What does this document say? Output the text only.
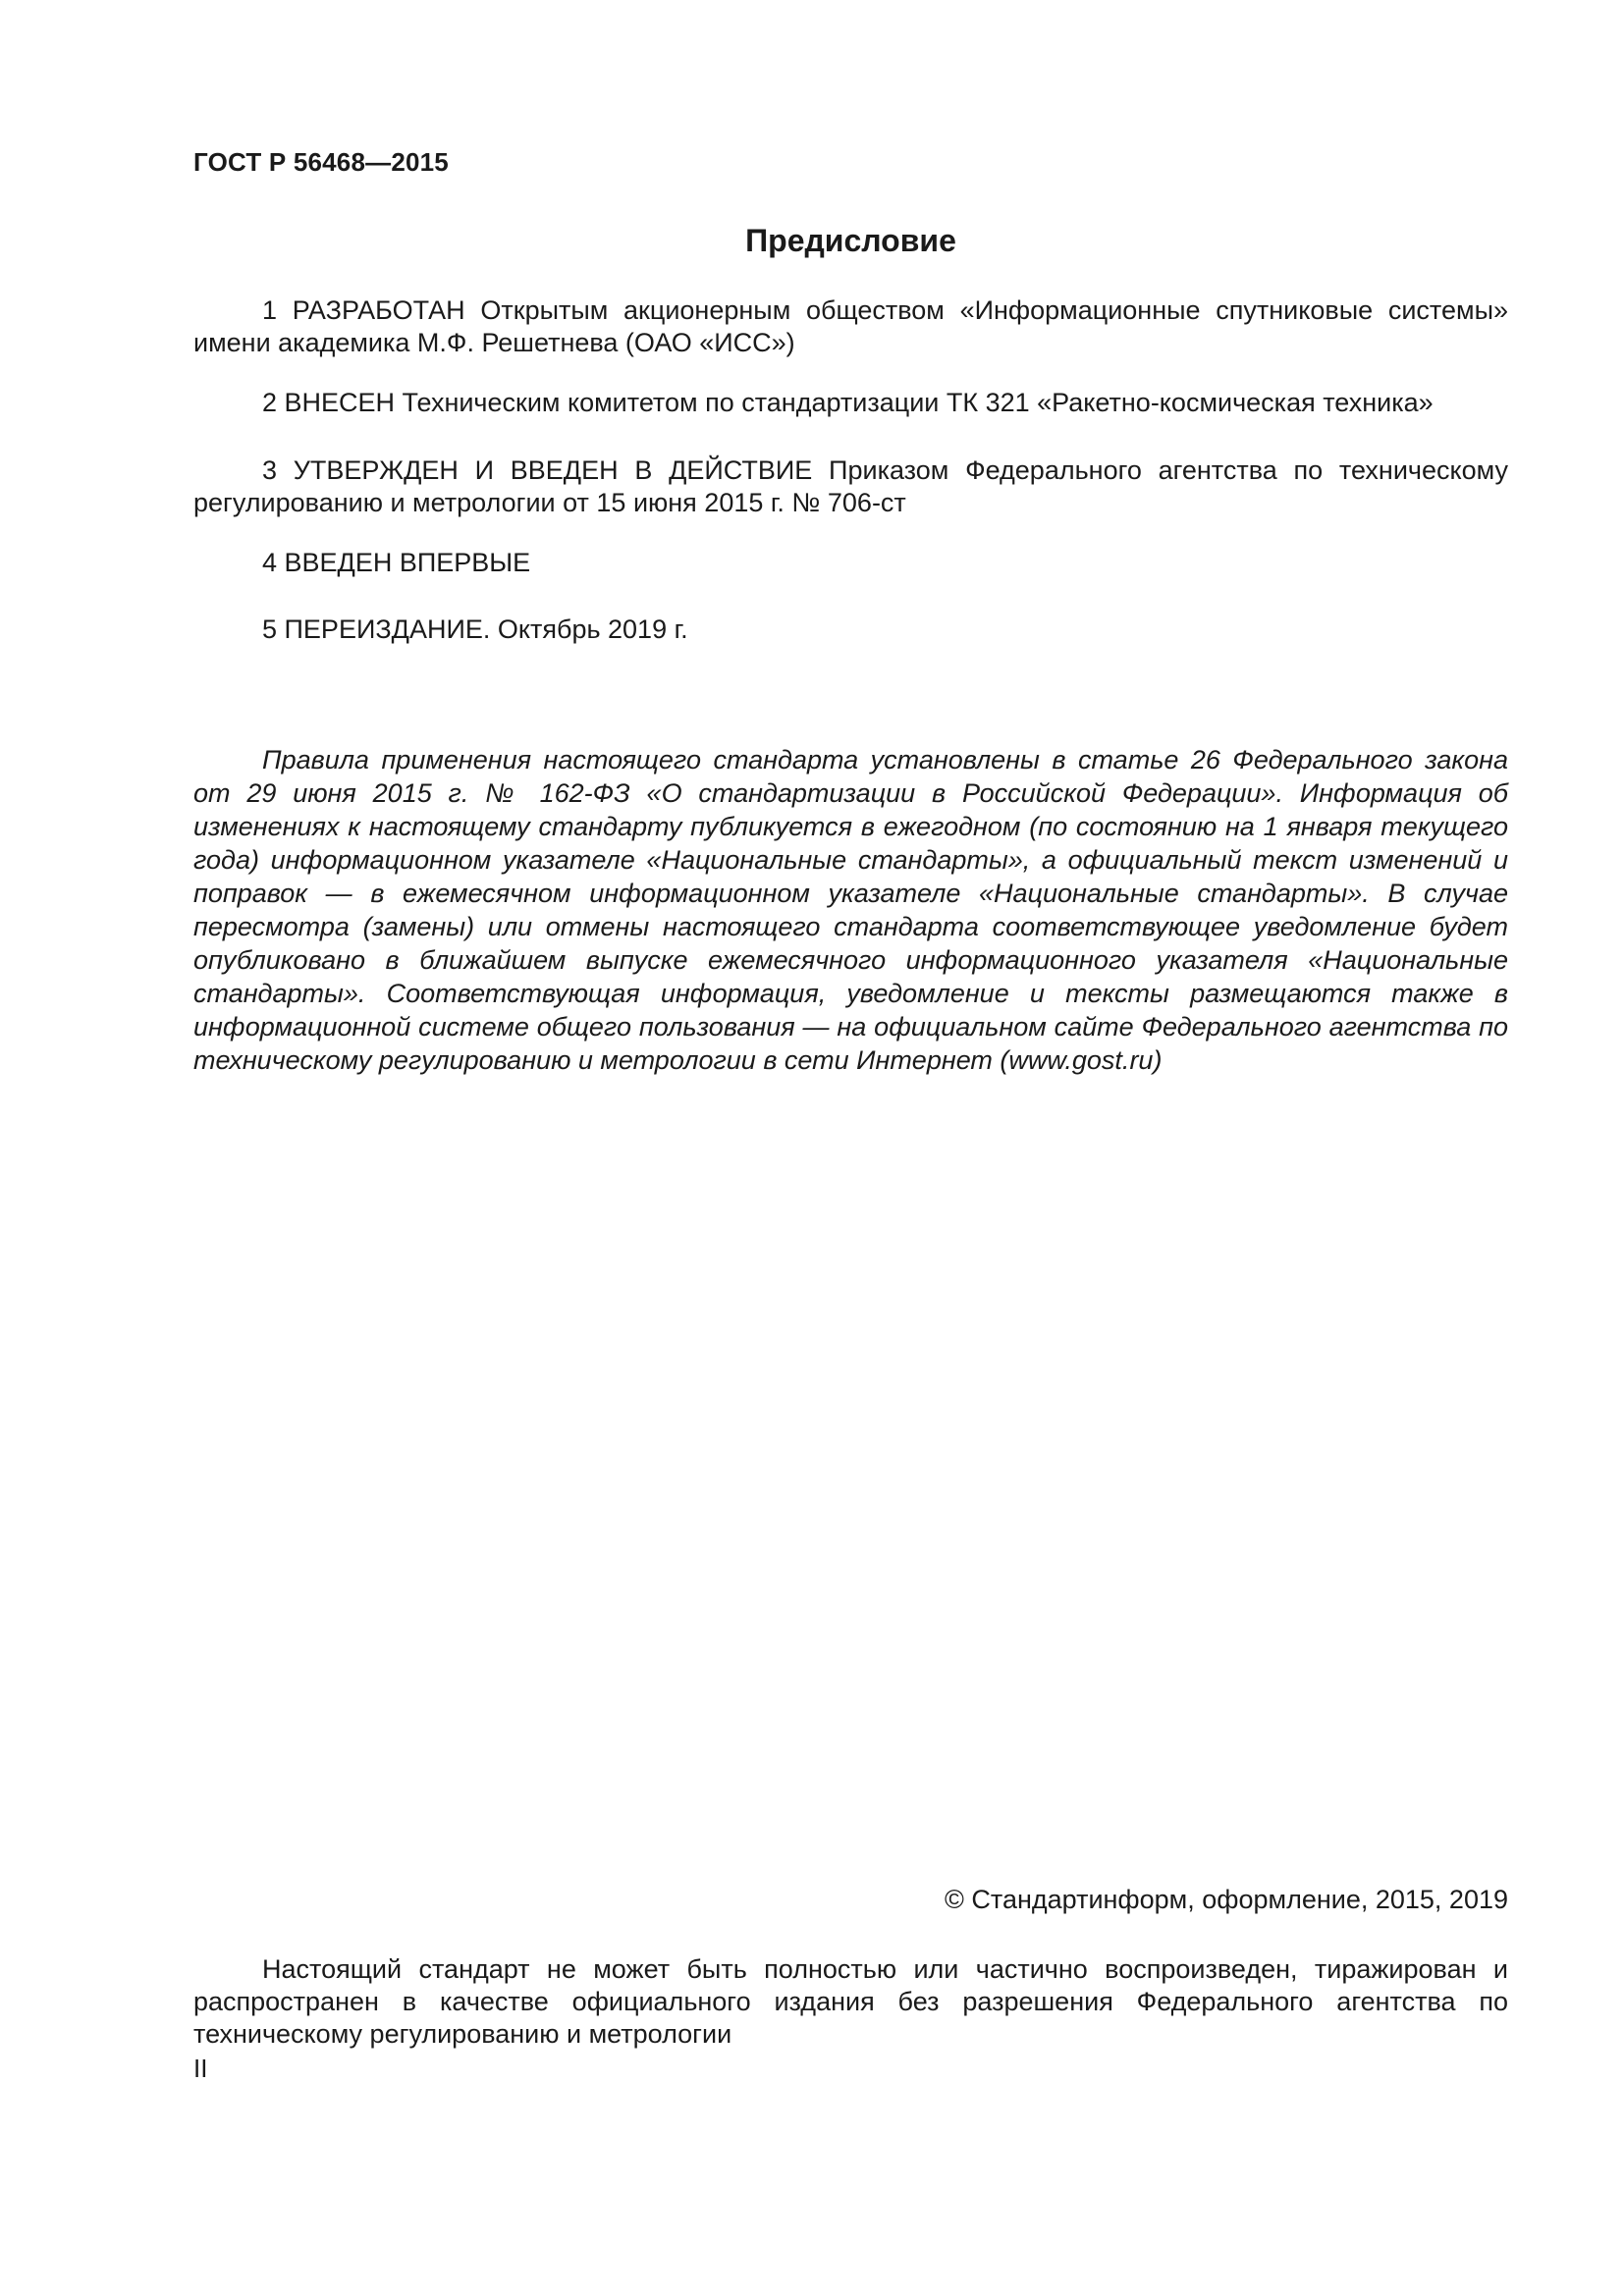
ГОСТ Р 56468—2015

Предисловие

1 РАЗРАБОТАН Открытым акционерным обществом «Информационные спутниковые системы» имени академика М.Ф. Решетнева (ОАО «ИСС»)

2 ВНЕСЕН Техническим комитетом по стандартизации ТК 321 «Ракетно-космическая техника»

3 УТВЕРЖДЕН И ВВЕДЕН В ДЕЙСТВИЕ Приказом Федерального агентства по техническому регулированию и метрологии от 15 июня 2015 г. № 706-ст

4 ВВЕДЕН ВПЕРВЫЕ

5 ПЕРЕИЗДАНИЕ. Октябрь 2019 г.

Правила применения настоящего стандарта установлены в статье 26 Федерального закона от 29 июня 2015 г. № 162-ФЗ «О стандартизации в Российской Федерации». Информация об изменениях к настоящему стандарту публикуется в ежегодном (по состоянию на 1 января текущего года) информационном указателе «Национальные стандарты», а официальный текст изменений и поправок — в ежемесячном информационном указателе «Национальные стандарты». В случае пересмотра (замены) или отмены настоящего стандарта соответствующее уведомление будет опубликовано в ближайшем выпуске ежемесячного информационного указателя «Национальные стандарты». Соответствующая информация, уведомление и тексты размещаются также в информационной системе общего пользования — на официальном сайте Федерального агентства по техническому регулированию и метрологии в сети Интернет (www.gost.ru)

© Стандартинформ, оформление, 2015, 2019

Настоящий стандарт не может быть полностью или частично воспроизведен, тиражирован и распространен в качестве официального издания без разрешения Федерального агентства по техническому регулированию и метрологии

II
